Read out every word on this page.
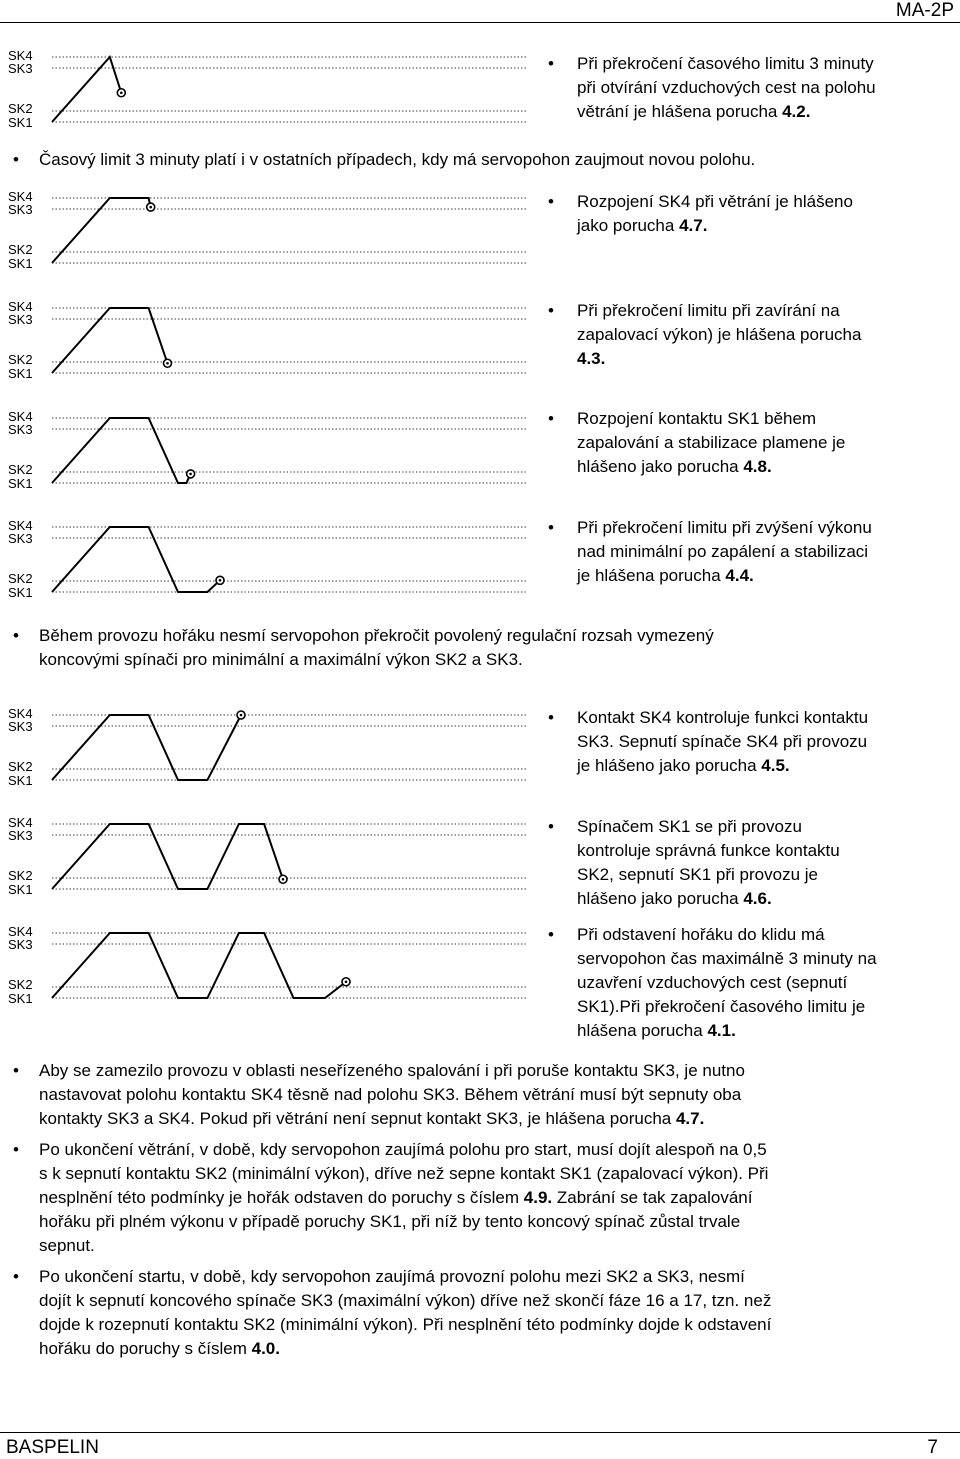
MA-2P
SK4
SK3
SK2
SK1
SK4
SK3
SK2
SK1
SK4
SK3
SK2
SK1
SK4
SK3
SK2
SK1
SK4
SK3
SK2
SK1
SK4
SK3
SK2
SK1
SK4
SK3
SK2
SK1
SK4
SK3
SK2
SK1
• Při překročení časového limitu 3 minuty
při otvírání vzduchových cest na polohu
větrání je hlášena porucha 4.2.
• Časový limit 3 minuty platí i v ostatních případech, kdy má servopohon zaujmout novou polohu.
• Rozpojení SK4 při větrání je hlášeno
jako porucha 4.7.
• Při překročení limitu při zavírání na
zapalovací výkon) je hlášena porucha
4.3.
• Rozpojení kontaktu SK1 během
zapalování a stabilizace plamene je
hlášeno jako porucha 4.8.
• Při překročení limitu při zvýšení výkonu
nad minimální po zapálení a stabilizaci
je hlášena porucha 4.4.
• Během provozu hořáku nesmí servopohon překročit povolený regulační rozsah vymezený
koncovými spínači pro minimální a maximální výkon SK2 a SK3.
• Kontakt SK4 kontroluje funkci kontaktu
SK3. Sepnutí spínače SK4 při provozu
je hlášeno jako porucha 4.5.
• Spínačem SK1 se při provozu
kontroluje správná funkce kontaktu
SK2, sepnutí SK1 při provozu je
hlášeno jako porucha 4.6.
• Při odstavení hořáku do klidu má
servopohon čas maximálně 3 minuty na
uzavření vzduchových cest (sepnutí
SK1).Při překročení časového limitu je
hlášena porucha 4.1.
• Aby se zamezilo provozu v oblasti neseřízeného spalování i při poruše kontaktu SK3, je nutno
nastavovat polohu kontaktu SK4 těsně nad polohu SK3. Během větrání musí být sepnuty oba
kontakty SK3 a SK4. Pokud při větrání není sepnut kontakt SK3, je hlášena porucha 4.7.
• Po ukončení větrání, v době, kdy servopohon zaujímá polohu pro start, musí dojít alespoň na 0,5
s k sepnutí kontaktu SK2 (minimální výkon), dříve než sepne kontakt SK1 (zapalovací výkon). Při
nesplnění této podmínky je hořák odstaven do poruchy s číslem 4.9. Zabrání se tak zapalování
hořáku při plném výkonu v případě poruchy SK1, při níž by tento koncový spínač zůstal trvale
sepnut.
• Po ukončení startu, v době, kdy servopohon zaujímá provozní polohu mezi SK2 a SK3, nesmí
dojít k sepnutí koncového spínače SK3 (maximální výkon) dříve než skončí fáze 16 a 17, tzn. než
dojde k rozepnutí kontaktu SK2 (minimální výkon). Při nesplnění této podmínky dojde k odstavení
hořáku do poruchy s číslem 4.0.
BASPELIN	7
